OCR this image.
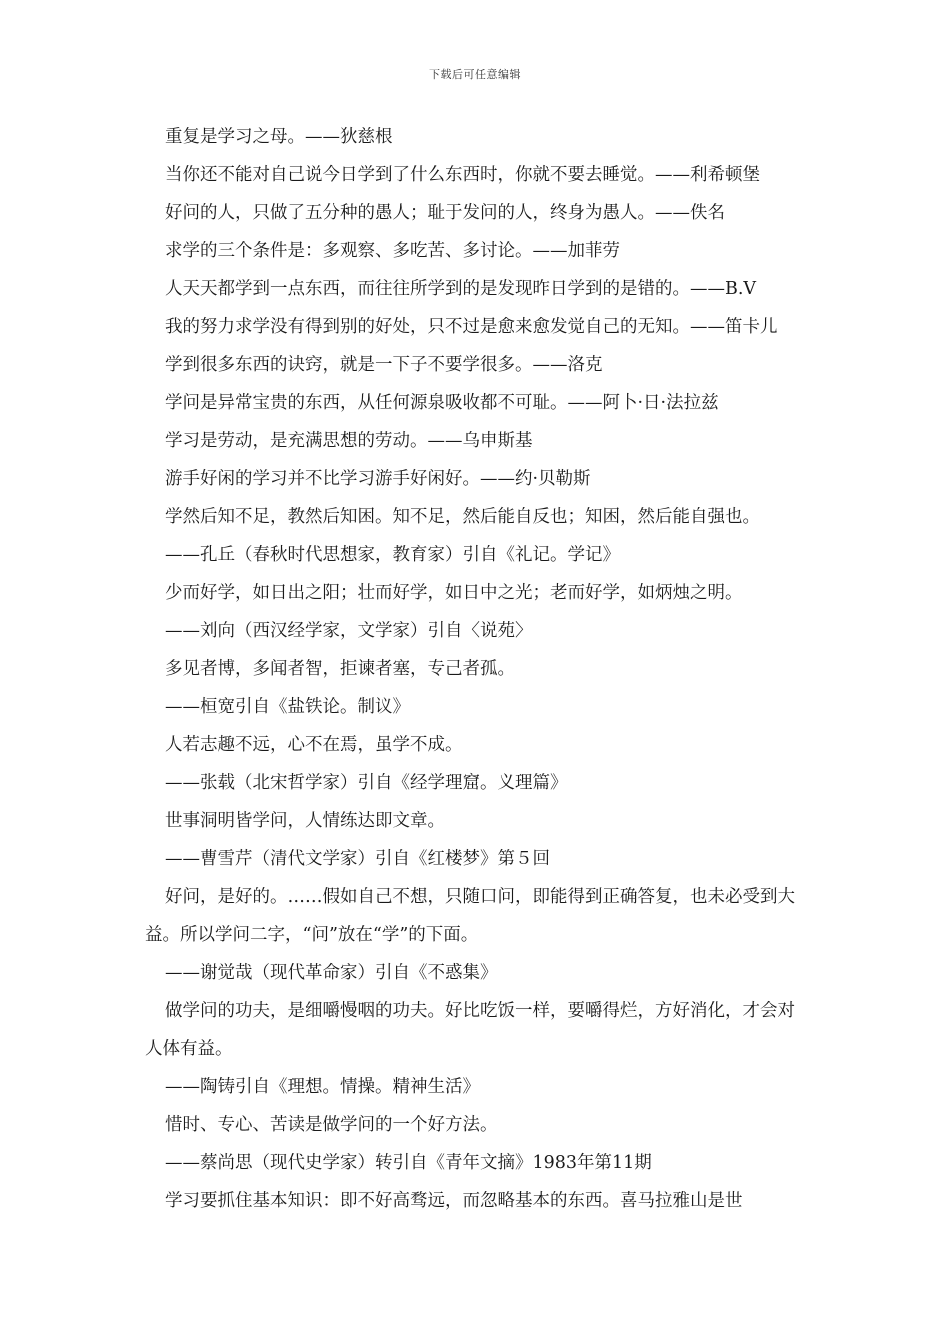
下载后可任意编辑

重复是学习之母。——狄慈根

当你还不能对自己说今日学到了什么东西时，你就不要去睡觉。——利希顿堡

好问的人，只做了五分种的愚人；耻于发问的人，终身为愚人。——佚名

求学的三个条件是：多观察、多吃苦、多讨论。——加菲劳

人天天都学到一点东西，而往往所学到的是发现昨日学到的是错的。——B.V

我的努力求学没有得到别的好处，只不过是愈来愈发觉自己的无知。——笛卡儿

学到很多东西的诀窍，就是一下子不要学很多。——洛克

学问是异常宝贵的东西，从任何源泉吸收都不可耻。——阿卜·日·法拉兹

学习是劳动，是充满思想的劳动。——乌申斯基

游手好闲的学习并不比学习游手好闲好。——约·贝勒斯

学然后知不足，教然后知困。知不足，然后能自反也；知困，然后能自强也。

——孔丘（春秋时代思想家，教育家）引自《礼记。学记》

少而好学，如日出之阳；壮而好学，如日中之光；老而好学，如炳烛之明。

——刘向（西汉经学家，文学家）引自〈说苑〉

多见者博，多闻者智，拒谏者塞，专己者孤。

——桓宽引自《盐铁论。制议》

人若志趣不远，心不在焉，虽学不成。

——张载（北宋哲学家）引自《经学理窟。义理篇》

世事洞明皆学问，人情练达即文章。

——曹雪芹（清代文学家）引自《红楼梦》第５回

好问，是好的。……假如自己不想，只随口问，即能得到正确答复，也未必受到大益。所以学问二字，“问”放在“学”的下面。

——谢觉哉（现代革命家）引自《不惑集》

做学问的功夫，是细嚼慢咽的功夫。好比吃饭一样，要嚼得烂，方好消化，才会对人体有益。

——陶铸引自《理想。情操。精神生活》

惜时、专心、苦读是做学问的一个好方法。

——蔡尚思（现代史学家）转引自《青年文摘》1983年第11期

学习要抓住基本知识：即不好高骛远，而忽略基本的东西。喜马拉雅山是世
